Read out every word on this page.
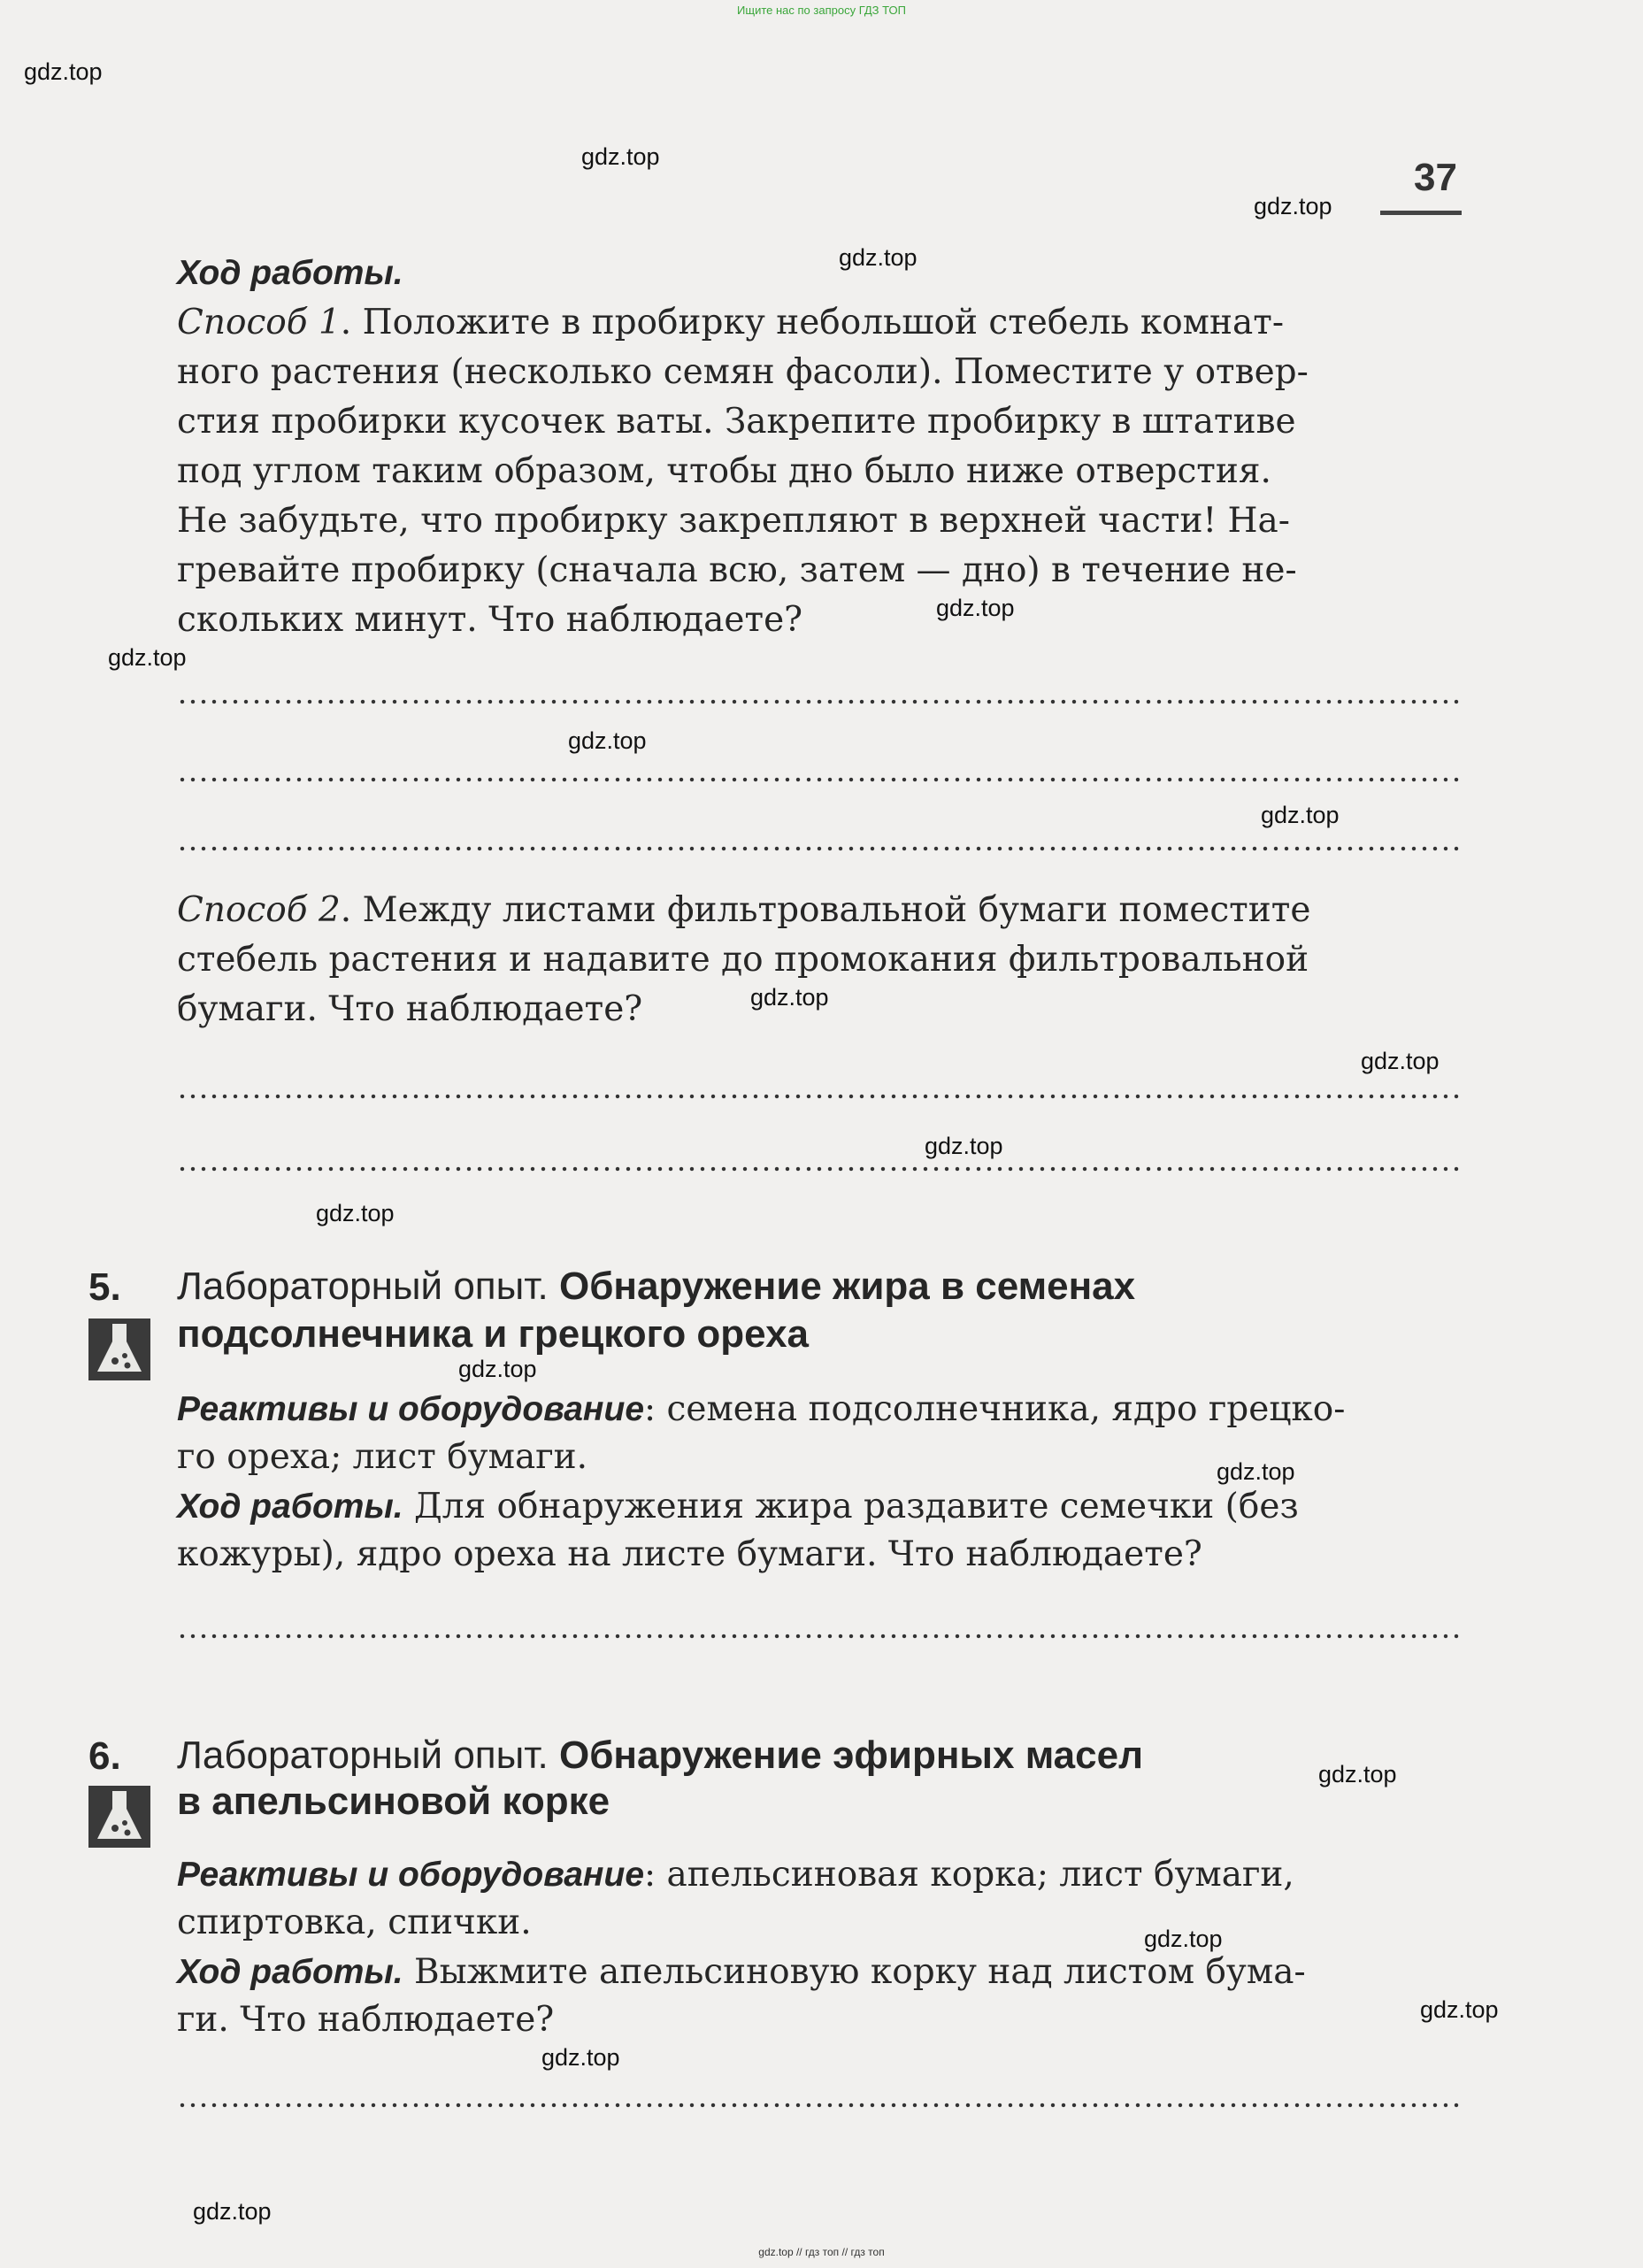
Ищите нас по запросу ГДЗ ТОП
37
gdz.top
gdz.top
gdz.top
gdz.top
gdz.top
gdz.top
gdz.top
gdz.top
gdz.top
gdz.top
gdz.top
gdz.top
gdz.top
gdz.top
gdz.top
gdz.top
gdz.top
gdz.top
gdz.top
Ход работы.
Способ 1. Положите в пробирку небольшой стебель комнат-
ного растения (несколько семян фасоли). Поместите у отвер-
стия пробирки кусочек ваты. Закрепите пробирку в штативе
под углом таким образом, чтобы дно было ниже отверстия.
Не забудьте, что пробирку закрепляют в верхней части! На-
гревайте пробирку (сначала всю, затем — дно) в течение не-
скольких минут. Что наблюдаете?
Способ 2. Между листами фильтровальной бумаги поместите
стебель растения и надавите до промокания фильтровальной
бумаги. Что наблюдаете?
5. Лабораторный опыт. Обнаружение жира в семенах
подсолнечника и грецкого ореха
Реактивы и оборудование: семена подсолнечника, ядро грецко-
го ореха; лист бумаги.
Ход работы. Для обнаружения жира раздавите семечки (без
кожуры), ядро ореха на листе бумаги. Что наблюдаете?
6. Лабораторный опыт. Обнаружение эфирных масел
в апельсиновой корке
Реактивы и оборудование: апельсиновая корка; лист бумаги,
спиртовка, спички.
Ход работы. Выжмите апельсиновую корку над листом бума-
ги. Что наблюдаете?
gdz.top // гдз топ // гдз топ
